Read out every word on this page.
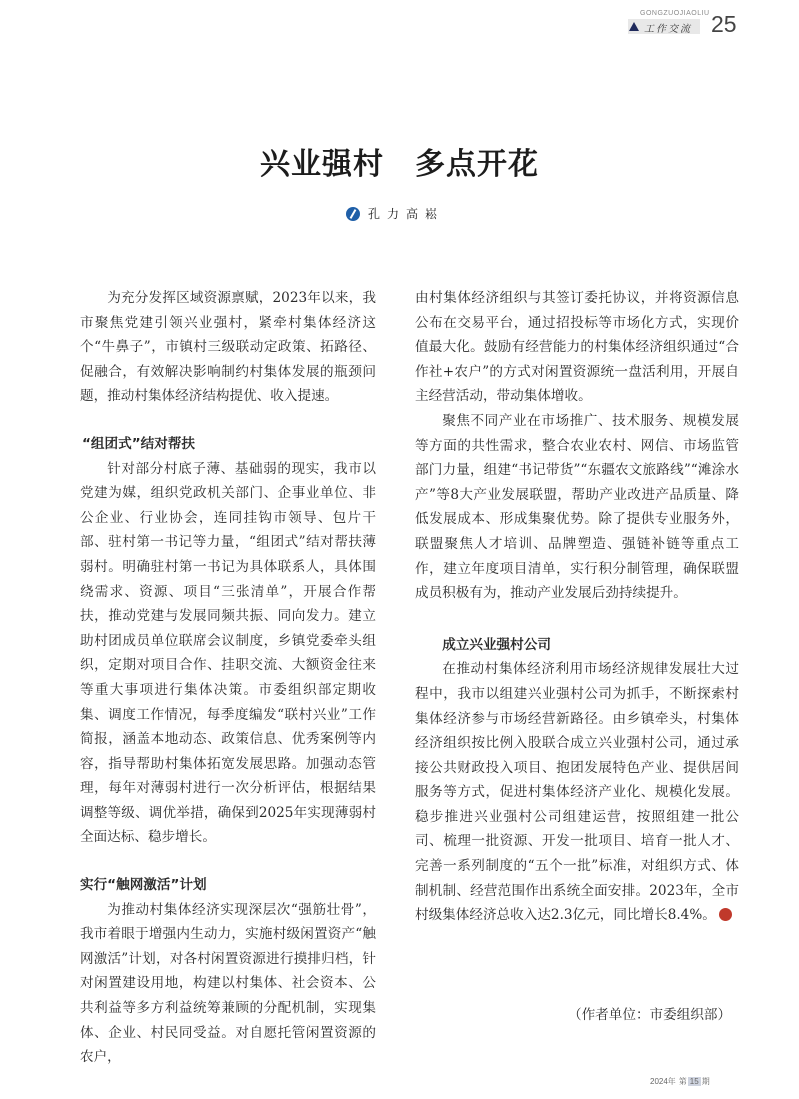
GONGZUOJIAOLIU
工作交流 25
兴业强村　多点开花
孔力高崧

为充分发挥区域资源禀赋，2023年以来，我市聚焦党建引领兴业强村，紧牵村集体经济这个“牛鼻子”，市镇村三级联动定政策、拓路径、促融合，有效解决影响制约村集体发展的瓶颈问题，推动村集体经济结构提优、收入提速。

“组团式”结对帮扶

针对部分村底子薄、基础弱的现实，我市以党建为媒，组织党政机关部门、企事业单位、非公企业、行业协会，连同挂钩市领导、包片干部、驻村第一书记等力量，“组团式”结对帮扶薄弱村。明确驻村第一书记为具体联系人，具体围绕需求、资源、项目“三张清单”，开展合作帮扶，推动党建与发展同频共振、同向发力。建立助村团成员单位联席会议制度，乡镇党委牵头组织，定期对项目合作、挂职交流、大额资金往来等重大事项进行集体决策。市委组织部定期收集、调度工作情况，每季度编发“联村兴业”工作简报，涵盖本地动态、政策信息、优秀案例等内容，指导帮助村集体拓宽发展思路。加强动态管理，每年对薄弱村进行一次分析评估，根据结果调整等级、调优举措，确保到2025年实现薄弱村全面达标、稳步增长。

实行“触网激活”计划

为推动村集体经济实现深层次“强筋壮骨”，我市着眼于增强内生动力，实施村级闲置资产“触网激活”计划，对各村闲置资源进行摸排归档，针对闲置建设用地，构建以村集体、社会资本、公共利益等多方利益统筹兼顾的分配机制，实现集体、企业、村民同受益。对自愿托管闲置资源的农户，

由村集体经济组织与其签订委托协议，并将资源信息公布在交易平台，通过招投标等市场化方式，实现价值最大化。鼓励有经营能力的村集体经济组织通过“合作社+农户”的方式对闲置资源统一盘活利用，开展自主经营活动，带动集体增收。

聚焦不同产业在市场推广、技术服务、规模发展等方面的共性需求，整合农业农村、网信、市场监管部门力量，组建“书记带货”“东疆农文旅路线”“滩涂水产”等8大产业发展联盟，帮助产业改进产品质量、降低发展成本、形成集聚优势。除了提供专业服务外，联盟聚焦人才培训、品牌塑造、强链补链等重点工作，建立年度项目清单，实行积分制管理，确保联盟成员积极有为，推动产业发展后劲持续提升。

成立兴业强村公司

在推动村集体经济利用市场经济规律发展壮大过程中，我市以组建兴业强村公司为抓手，不断探索村集体经济参与市场经营新路径。由乡镇牵头，村集体经济组织按比例入股联合成立兴业强村公司，通过承接公共财政投入项目、抱团发展特色产业、提供居间服务等方式，促进村集体经济产业化、规模化发展。稳步推进兴业强村公司组建运营，按照组建一批公司、梳理一批资源、开发一批项目、培育一批人才、完善一系列制度的“五个一批”标准，对组织方式、体制机制、经营范围作出系统全面安排。2023年，全市村级集体经济总收入达2.3亿元，同比增长8.4%。

（作者单位：市委组织部）
2024年 第 15 期
